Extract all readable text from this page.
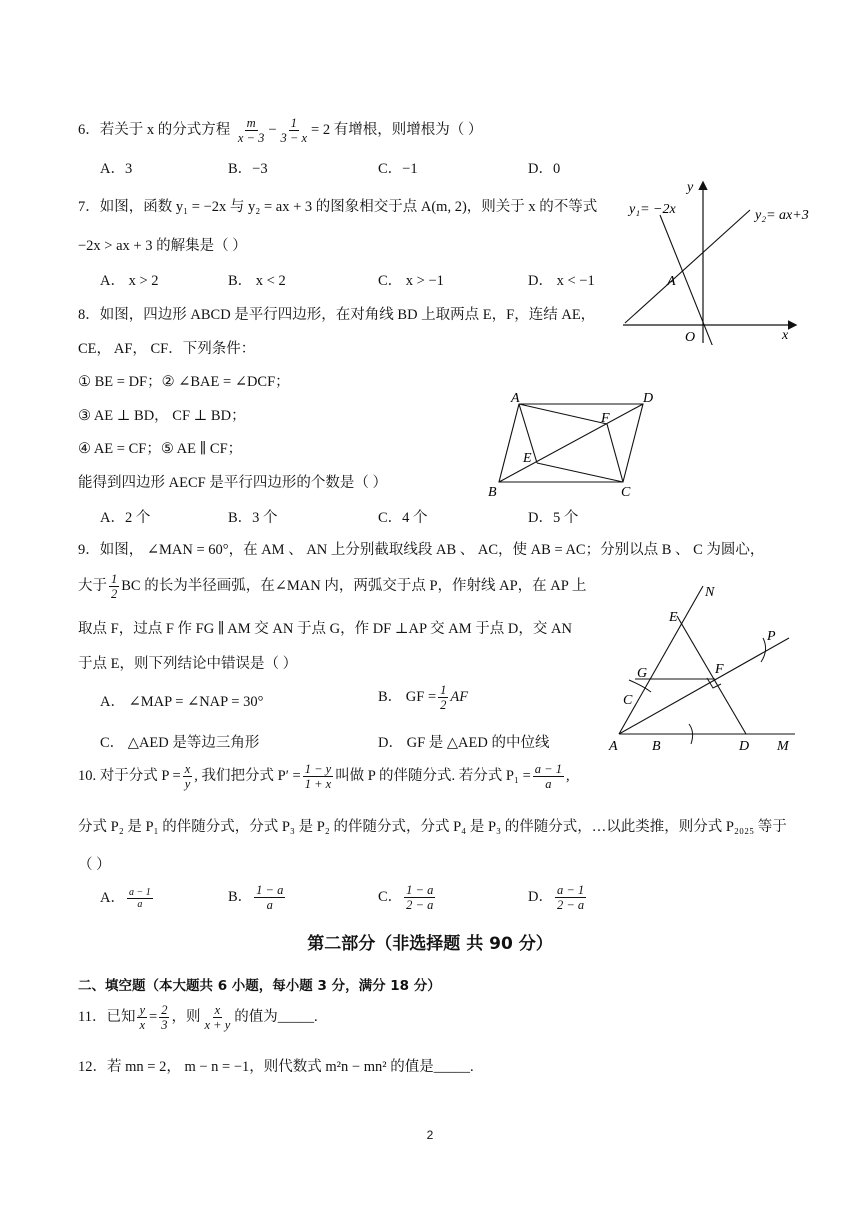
6．若关于 x 的分式方程 $\frac{m}{x - 3} - \frac{1}{3 - x} = 2$ 有增根，则增根为（ ）
A．3	B．−3	C．−1	D．0
7．如图，函数 y₁ = −2x 与 y₂ = ax + 3 的图象相交于点 A(m, 2)，则关于 x 的不等式
−2x > ax + 3 的解集是（ ）
A． x > 2	B． x < 2	C． x > −1	D． x < −1
y₁= −2x	y₂= ax+3
A
O	x
y
8．如图，四边形 ABCD 是平行四边形，在对角线 BD 上取两点 E，F，连结 AE，
CE， AF， CF．下列条件：
① BE = DF；② ∠BAE = ∠DCF；
③ AE ⊥ BD， CF ⊥ BD；
④ AE = CF；⑤ AE ∥ CF；
能得到四边形 AECF 是平行四边形的个数是（ ）
A．2 个	B．3 个	C．4 个	D．5 个
A	D
B	C
E
F
9．如图， ∠MAN = 60°，在 AM 、 AN 上分别截取线段 AB 、 AC，使 AB = AC；分别以点 B 、 C 为圆心，
大于 $\frac{1}{2}$ BC 的长为半径画弧，在∠MAN 内，两弧交于点 P，作射线 AP，在 AP 上
取点 F，过点 F 作 FG ∥ AM 交 AN 于点 G，作 DF ⊥AP 交 AM 于点 D，交 AN
于点 E，则下列结论中错误是（ ）
A． ∠MAP = ∠NAP = 30°	B． GF = $\frac{1}{2}$ AF
C． △AED 是等边三角形	D． GF 是 △AED 的中位线
N
E
P
G	F
C
A B	D M
10. 对于分式 $P = \frac{x}{y}$ , 我们把分式 $P' = \frac{1 - y}{1 + x}$ 叫做 P 的伴随分式. 若分式 $P_1 = \frac{a - 1}{a}$ ,
分式 P₂ 是 P₁ 的伴随分式，分式 P₃ 是 P₂ 的伴随分式，分式 P₄ 是 P₃ 的伴随分式，…以此类推，则分式 P₂₀₂₅ 等于
（ ）
A． $\frac{a - 1}{a}$	B． $\frac{1 - a}{a}$	C． $\frac{1 - a}{2 - a}$	D． $\frac{a - 1}{2 - a}$
第二部分（非选择题 共 90 分）
二、填空题（本大题共 6 小题，每小题 3 分，满分 18 分）
11．已知 $\frac{y}{x} = \frac{2}{3}$ ，则 $\frac{x}{x + y}$ 的值为_____.
12．若 mn = 2， m − n = −1，则代数式 m²n − mn² 的值是_____.
2
